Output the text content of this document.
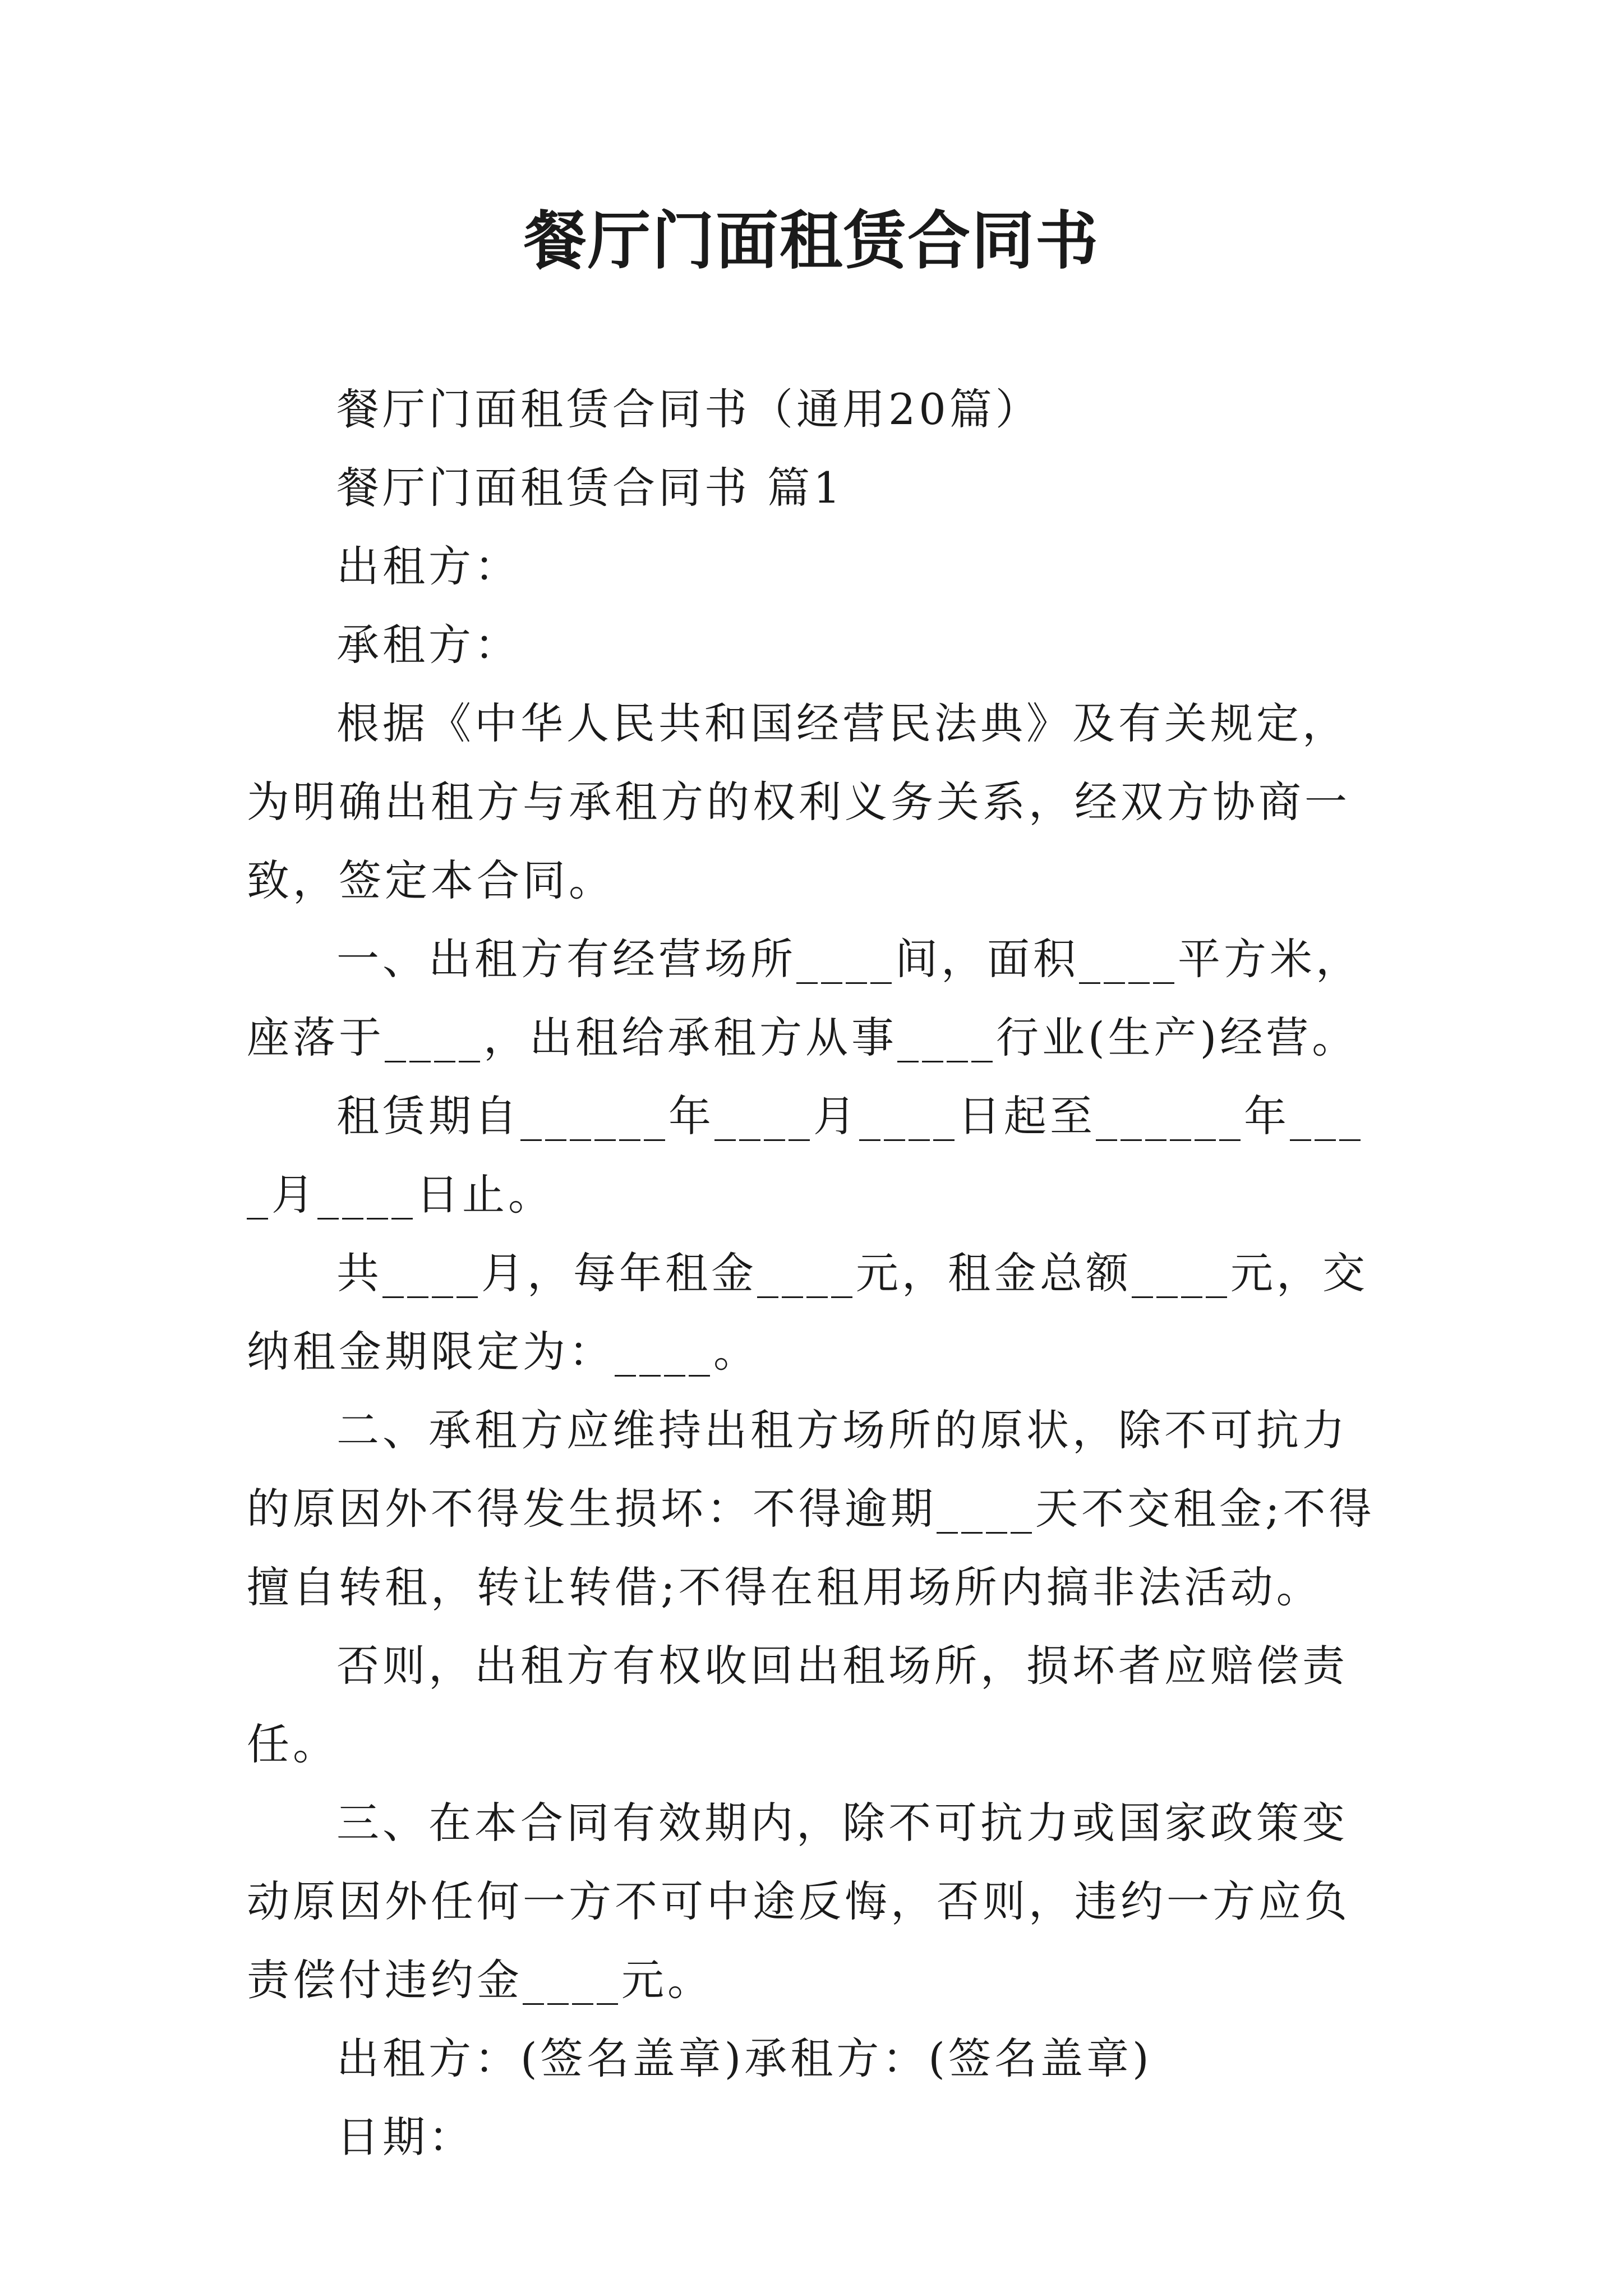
餐厅门面租赁合同书

餐厅门面租赁合同书（通用20篇）

餐厅门面租赁合同书 篇1

出租方：

承租方：

根据《中华人民共和国经营民法典》及有关规定，为明确出租方与承租方的权利义务关系，经双方协商一致，签定本合同。

一、出租方有经营场所____间，面积____平方米，座落于____，出租给承租方从事____行业(生产)经营。

租赁期自______年____月____日起至______年____月____日止。

共____月，每年租金____元，租金总额____元，交纳租金期限定为：____。

二、承租方应维持出租方场所的原状，除不可抗力的原因外不得发生损坏：不得逾期____天不交租金;不得擅自转租，转让转借;不得在租用场所内搞非法活动。

否则，出租方有权收回出租场所，损坏者应赔偿责任。

三、在本合同有效期内，除不可抗力或国家政策变动原因外任何一方不可中途反悔，否则，违约一方应负责偿付违约金____元。

出租方：(签名盖章)承租方：(签名盖章)

日期：
